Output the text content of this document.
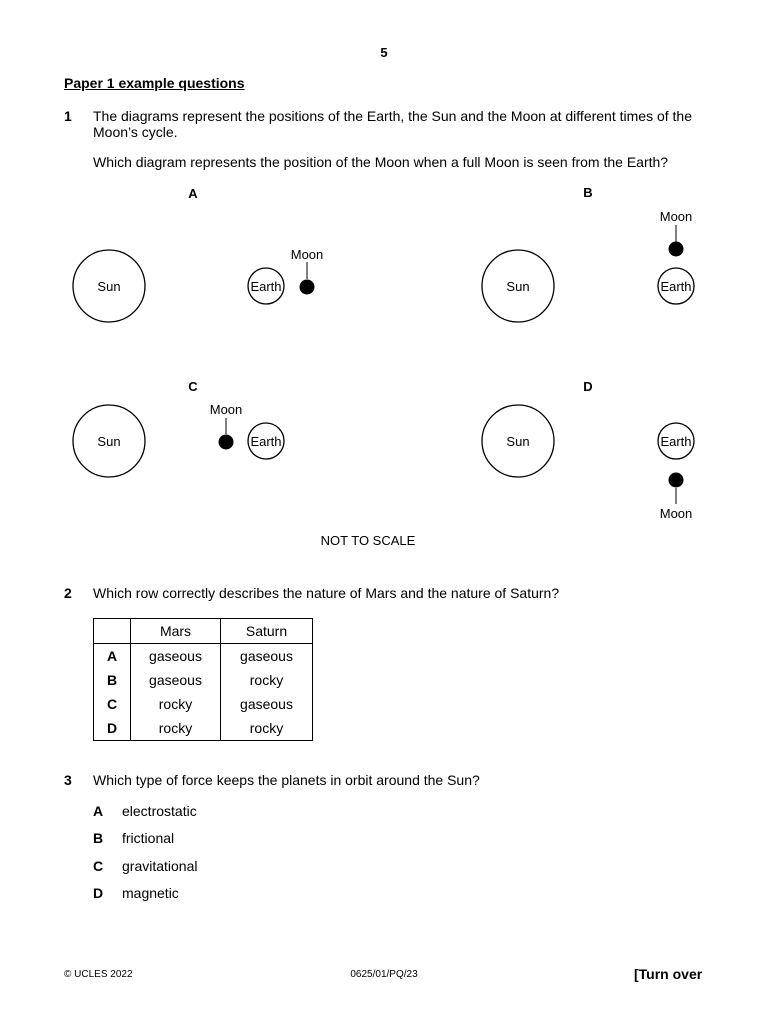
5
Paper 1 example questions
1 The diagrams represent the positions of the Earth, the Sun and the Moon at different times of the
Moon’s cycle.
Which diagram represents the position of the Moon when a full Moon is seen from the Earth?
A
Sun	Earth
Moon
B
Sun	Earth
Moon
C
Sun	Earth
Moon
D
Sun	Earth
Moon
NOT TO SCALE
2 Which row correctly describes the nature of Mars and the nature of Saturn?
	Mars	Saturn
A	gaseous	gaseous
B	gaseous	rocky
C	rocky	gaseous
D	rocky	rocky
3 Which type of force keeps the planets in orbit around the Sun?
A electrostatic
B frictional
C gravitational
D magnetic
© UCLES 2022	0625/01/PQ/23	[Turn over
